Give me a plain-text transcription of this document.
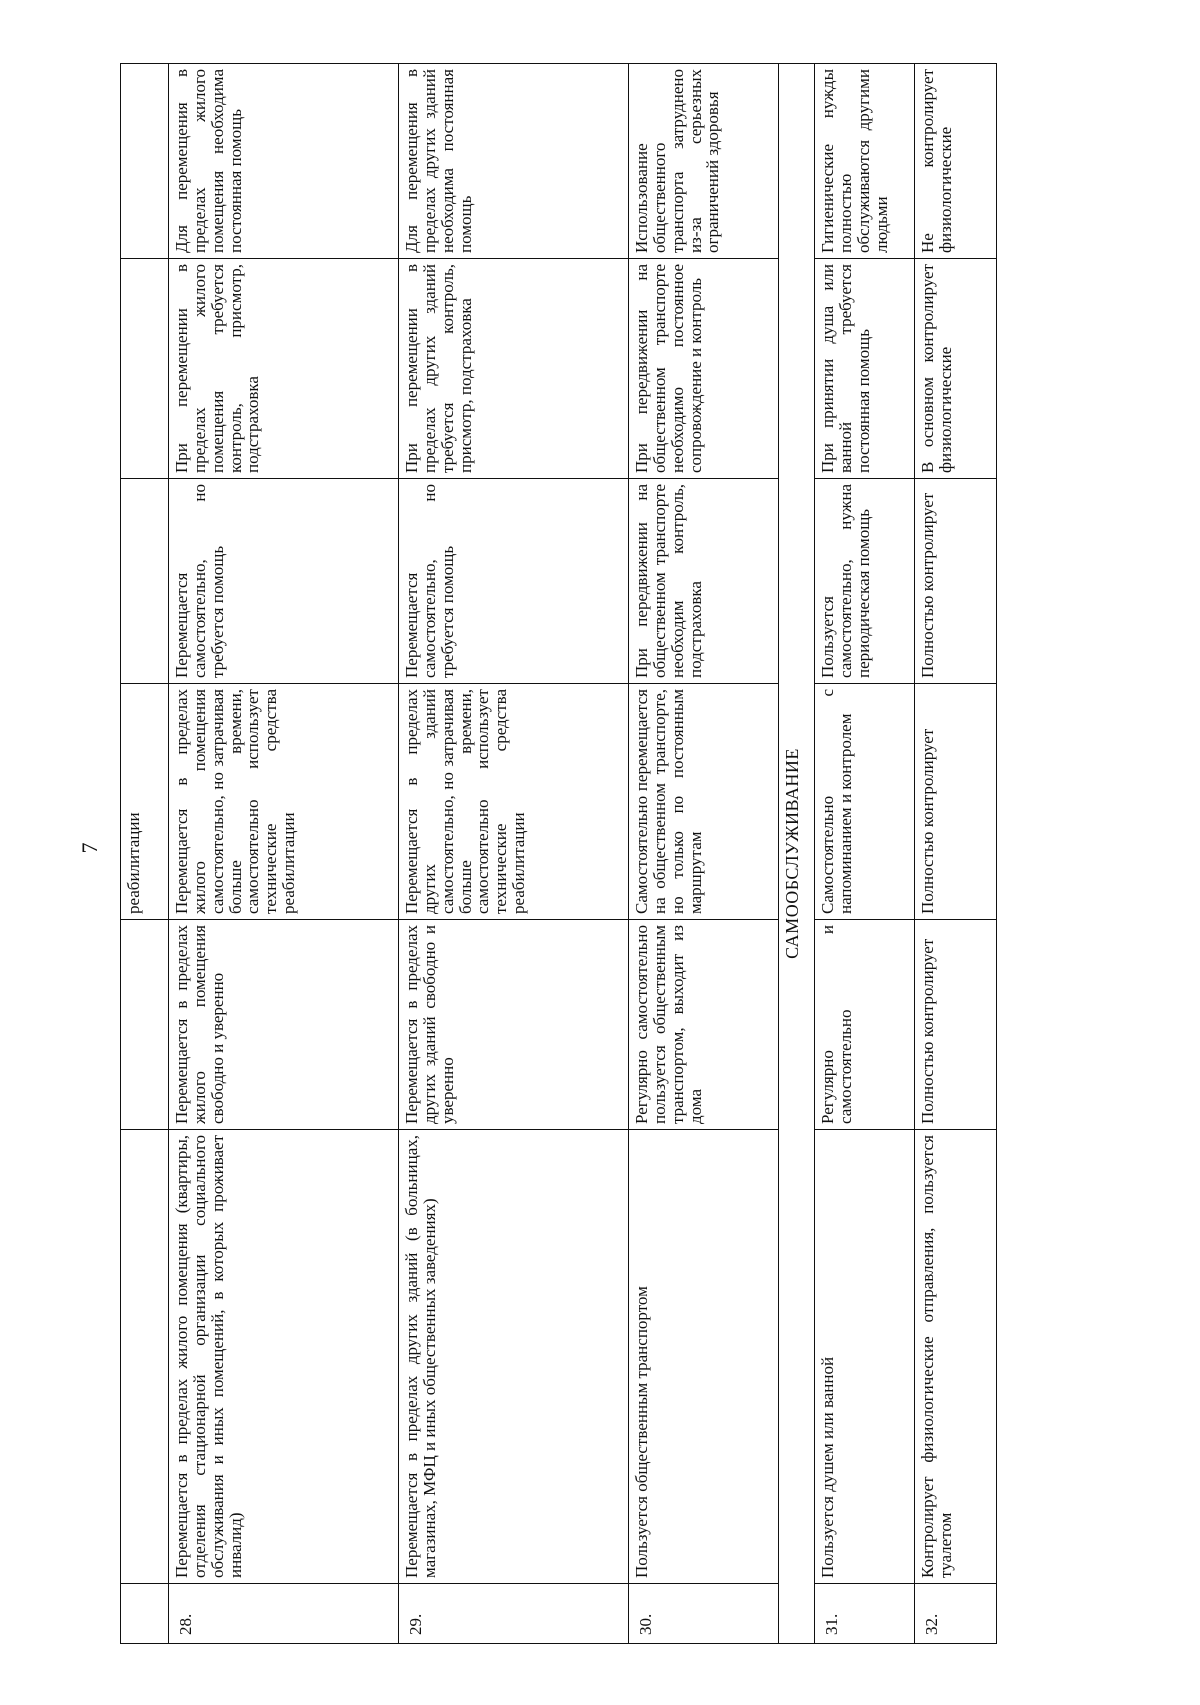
7
			реабилитации			
28.	Перемещается в пределах жилого помещения (квартиры, отделения стационарной организации социального обслуживания и иных помещений, в которых проживает инвалид)	Перемещается в пределах жилого помещения свободно и уверенно	Перемещается в пределах жилого помещения самостоятельно, но затрачивая больше времени, самостоятельно использует технические средства реабилитации	Перемещается самостоятельно, но требуется помощь	При перемещении в пределах жилого помещения требуется контроль, присмотр, подстраховка	Для перемещения в пределах жилого помещения необходима постоянная помощь
29.	Перемещается в пределах других зданий (в больницах, магазинах, МФЦ и иных общественных заведениях)	Перемещается в пределах других зданий свободно и уверенно	Перемещается в пределах других зданий самостоятельно, но затрачивая больше времени, самостоятельно использует технические средства реабилитации	Перемещается самостоятельно, но требуется помощь	При перемещении в пределах других зданий требуется контроль, присмотр, подстраховка	Для перемещения в пределах других зданий необходима постоянная помощь
30.	Пользуется общественным транспортом	Регулярно самостоятельно пользуется общественным транспортом, выходит из дома	Самостоятельно перемещается на общественном транспорте, но только по постоянным маршрутам	При передвижении на общественном транспорте необходим контроль, подстраховка	При передвижении на общественном транспорте необходимо постоянное сопровождение и контроль	Использование общественного транспорта затруднено из-за серьезных ограничений здоровья
САМООБСЛУЖИВАНИЕ						
31.	Пользуется душем или ванной	Регулярно и самостоятельно	Самостоятельно с напоминанием и контролем	Пользуется самостоятельно, нужна периодическая помощь	При принятии душа или ванной требуется постоянная помощь	Гигиенические нужды полностью обслуживаются другими людьми
32.	Контролирует физиологические отправления, пользуется туалетом	Полностью контролирует	Полностью контролирует	Полностью контролирует	В основном контролирует физиологические	Не контролирует физиологические
